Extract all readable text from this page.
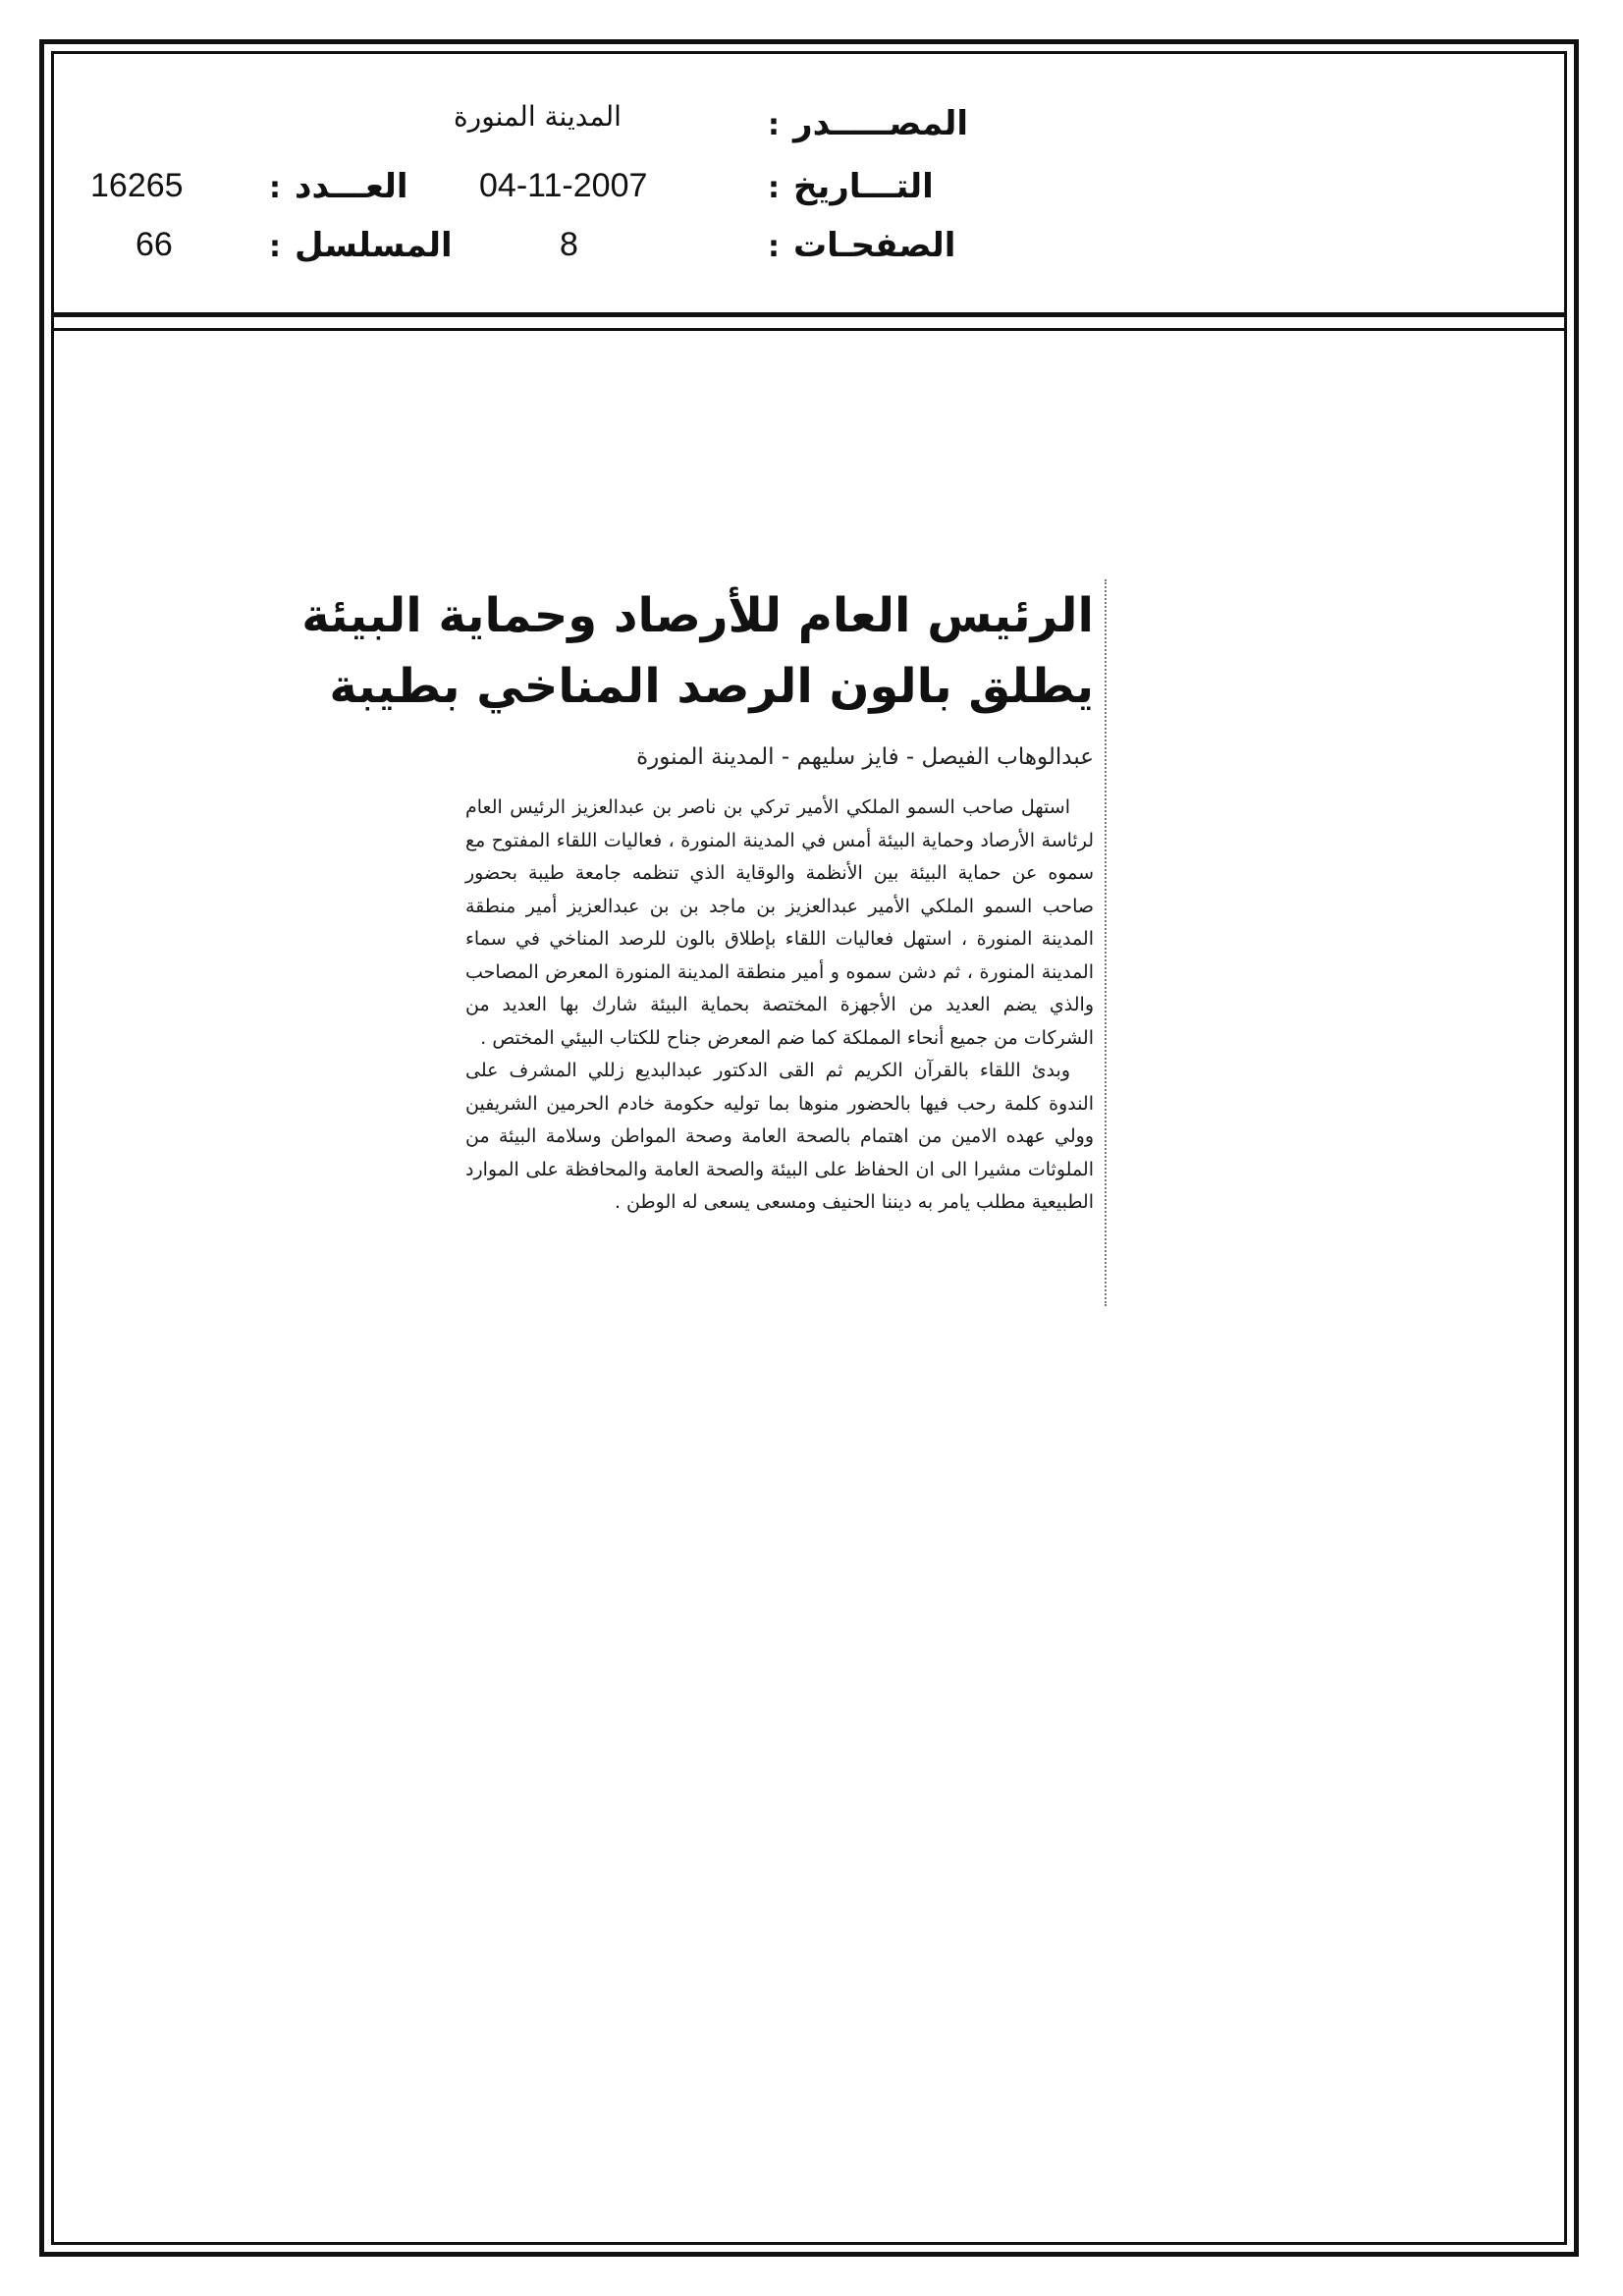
المصـــــدر
:
المدينة المنورة
التـــاريخ
:
04-11-2007
العـــدد
:
16265
الصفحـات
:
8
المسلسل
:
66
الرئيس العام للأرصاد وحماية البيئة
يطلق بالون الرصد المناخي بطيبة
عبدالوهاب الفيصل - فايز سليهم - المدينة المنورة

استهل صاحب السمو الملكي الأمير تركي بن ناصر بن عبدالعزيز الرئيس العام لرئاسة الأرصاد وحماية البيئة أمس في المدينة المنورة ، فعاليات اللقاء المفتوح مع سموه عن حماية البيئة بين الأنظمة والوقاية الذي تنظمه جامعة طيبة بحضور صاحب السمو الملكي الأمير عبدالعزيز بن ماجد بن بن عبدالعزيز أمير منطقة المدينة المنورة ، استهل فعاليات اللقاء بإطلاق بالون للرصد المناخي في سماء المدينة المنورة ، ثم دشن سموه و أمير منطقة المدينة المنورة المعرض المصاحب والذي يضم العديد من الأجهزة المختصة بحماية البيئة شارك بها العديد من الشركات من جميع أنحاء المملكة كما ضم المعرض جناح للكتاب البيئي المختص .

وبدئ اللقاء بالقرآن الكريم ثم القى الدكتور عبدالبديع زللي المشرف على الندوة كلمة رحب فيها بالحضور منوها بما توليه حكومة خادم الحرمين الشريفين وولي عهده الامين من اهتمام بالصحة العامة وصحة المواطن وسلامة البيئة من الملوثات مشيرا الى ان الحفاظ على البيئة والصحة العامة والمحافظة على الموارد الطبيعية مطلب يامر به ديننا الحنيف ومسعى يسعى له الوطن .
